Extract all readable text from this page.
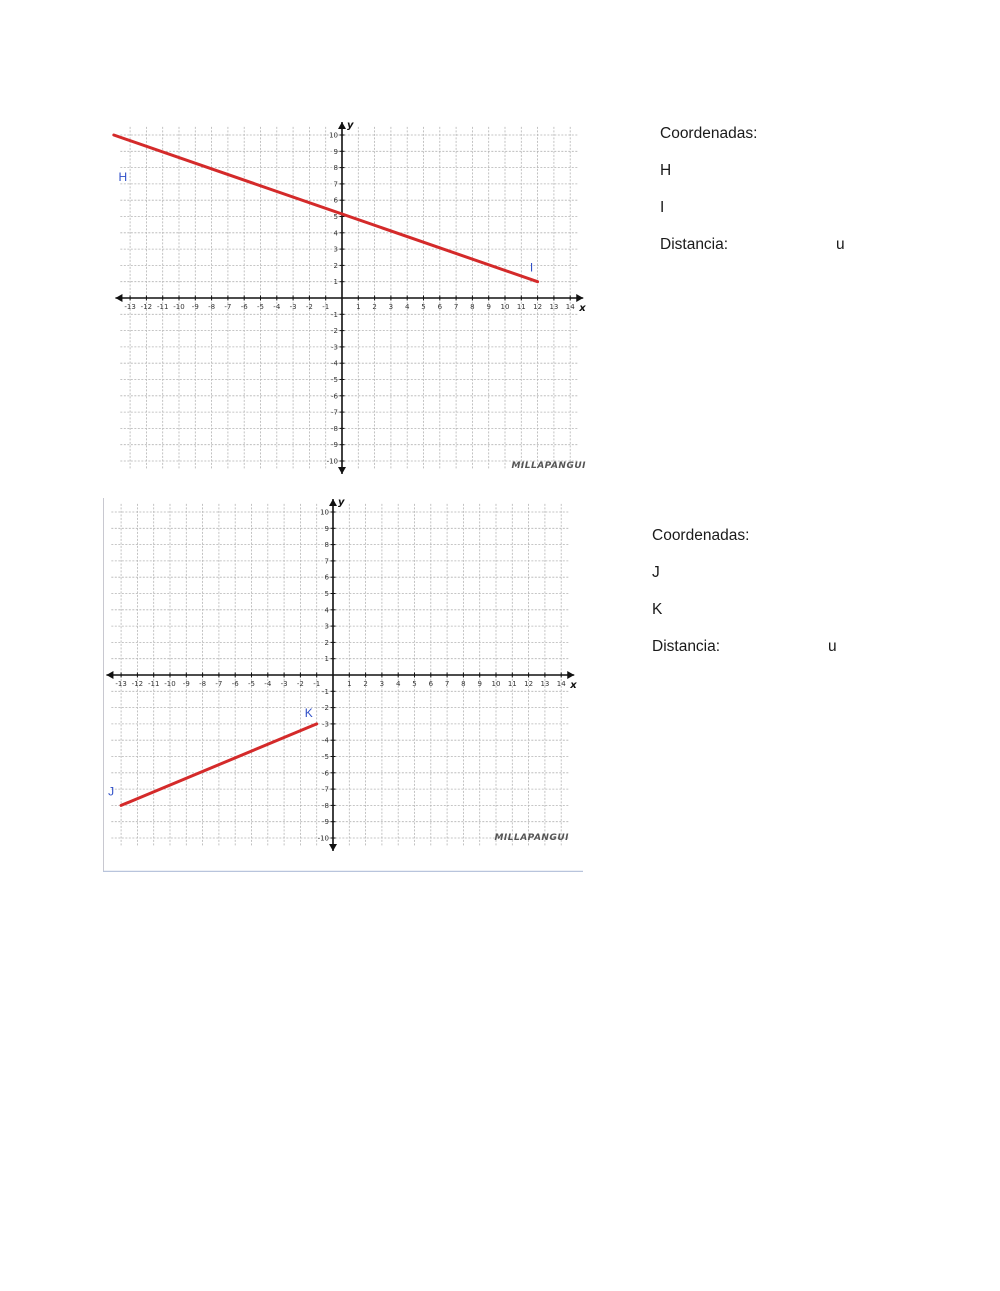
x
y
-13 -12 -11 -10 -9 -8 -7 -6 -5 -4 -3 -2 -1	1 2 3 4 5 6 7 8 9 10 11 12 13 14
10
9
8
7
6
5
4
3
2
1
-1
-2
-3
-4
-5
-6
-7
-8
-9
-10
H
I
MILLAPANGUI
Coordenadas:
H
I
Distancia:	u
x
y
-13 -12 -11 -10 -9 -8 -7 -6 -5 -4 -3 -2 -1	1 2 3 4 5 6 7 8 9 10 11 12 13 14
10
9
8
7
6
5
4
3
2
1
-1
-2
-3
-4
-5
-6
-7
-8
-9
-10
J
K
MILLAPANGUI
Coordenadas:
J
K
Distancia:	u
